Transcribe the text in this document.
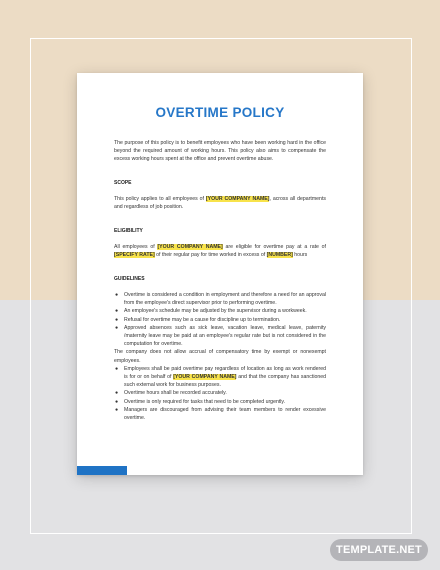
OVERTIME POLICY
The purpose of this policy is to benefit employees who have been working hard in the office beyond the required amount of working hours. This policy also aims to compensate the excess working hours spent at the office and prevent overtime abuse.
SCOPE
This policy applies to all employees of [YOUR COMPANY NAME], across all departments and regardless of job position.
ELIGIBILITY
All employees of [YOUR COMPANY NAME] are eligible for overtime pay at a rate of [SPECIFY RATE] of their regular pay for time worked in excess of [NUMBER] hours
GUIDELINES
● Overtime is considered a condition in employment and therefore a need for an approval from the employee's direct supervisor prior to performing overtime.
● An employee's schedule may be adjusted by the supervisor during a workweek.
● Refusal for overtime may be a cause for discipline up to termination.
● Approved absences such as sick leave, vacation leave, medical leave, paternity /maternity leave may be paid at an employee's regular rate but is not considered in the computation for overtime.
The company does not allow accrual of compensatory time by exempt or nonexempt employees.
● Employees shall be paid overtime pay regardless of location as long as work rendered is for or on behalf of [YOUR COMPANY NAME] and that the company has sanctioned such external work for business purposes.
● Overtime hours shall be recorded accurately.
● Overtime is only required for tasks that need to be completed urgently.
● Managers are discouraged from advising their team members to render excessive overtime.
TEMPLATE.NET
